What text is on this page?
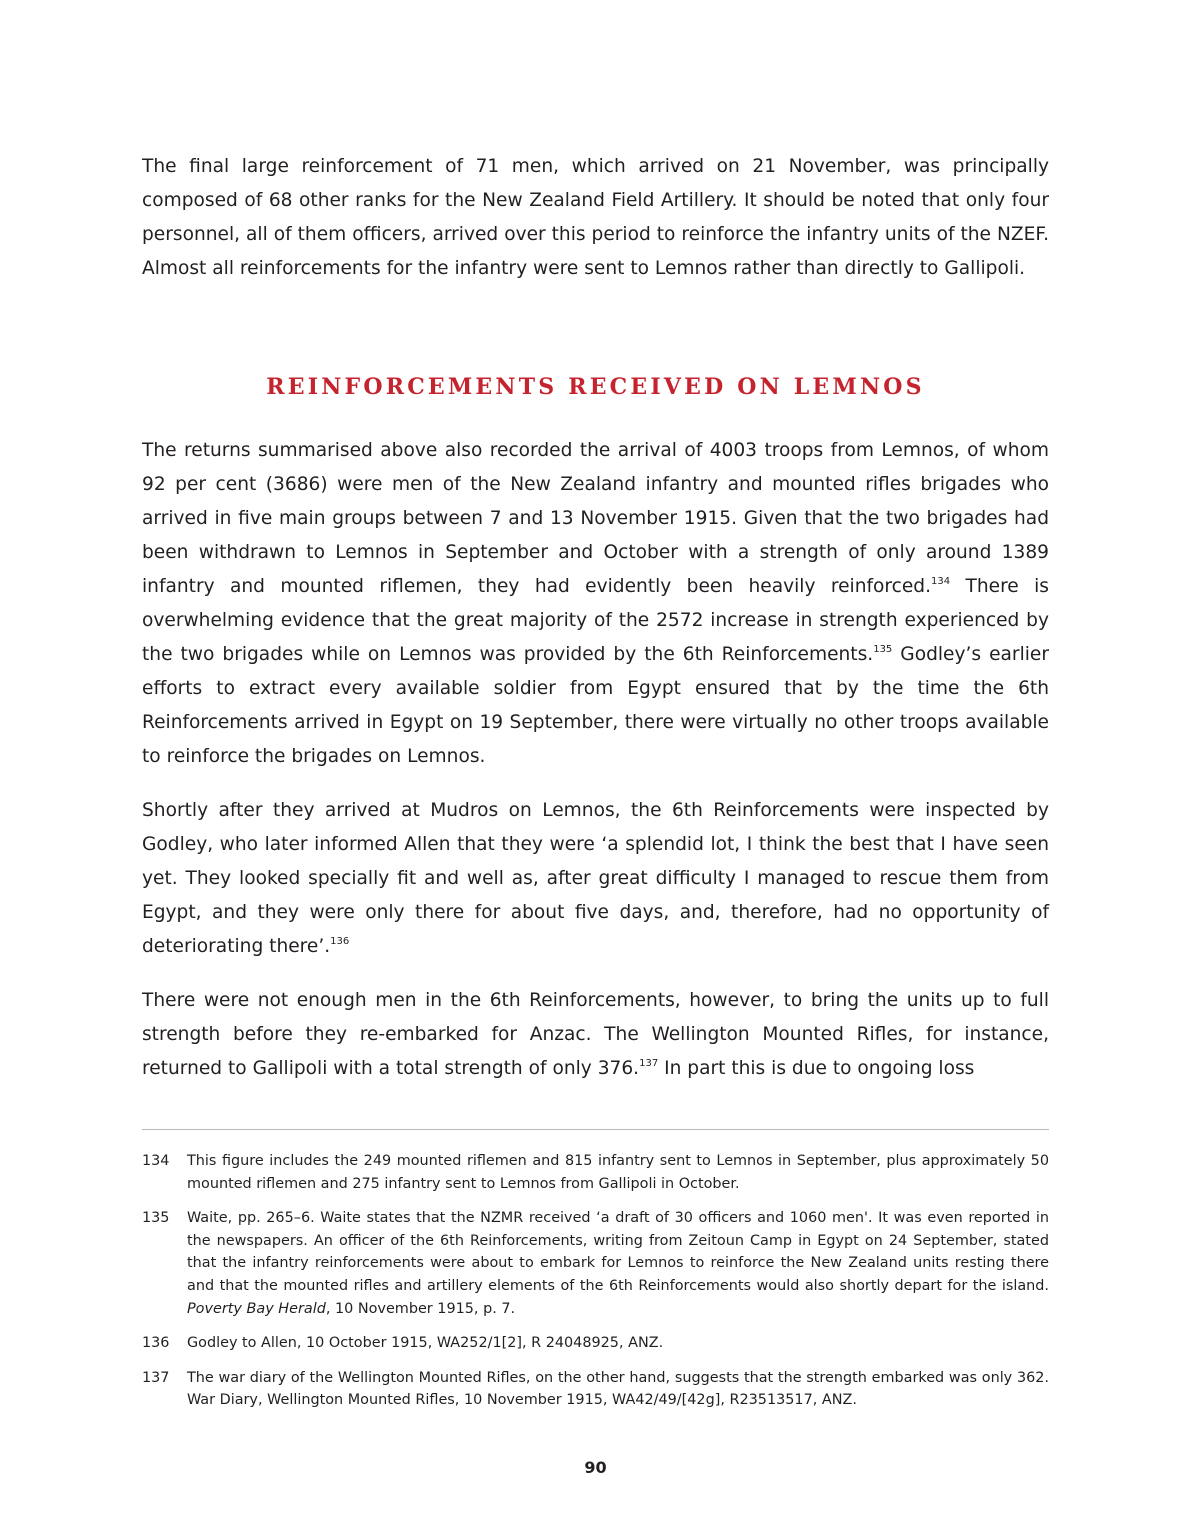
The final large reinforcement of 71 men, which arrived on 21 November, was principally composed of 68 other ranks for the New Zealand Field Artillery. It should be noted that only four personnel, all of them officers, arrived over this period to reinforce the infantry units of the NZEF. Almost all reinforcements for the infantry were sent to Lemnos rather than directly to Gallipoli.

REINFORCEMENTS RECEIVED ON LEMNOS

The returns summarised above also recorded the arrival of 4003 troops from Lemnos, of whom 92 per cent (3686) were men of the New Zealand infantry and mounted rifles brigades who arrived in five main groups between 7 and 13 November 1915. Given that the two brigades had been withdrawn to Lemnos in September and October with a strength of only around 1389 infantry and mounted riflemen, they had evidently been heavily reinforced.$^{134}$ There is overwhelming evidence that the great majority of the 2572 increase in strength experienced by the two brigades while on Lemnos was provided by the 6th Reinforcements.$^{135}$ Godley’s earlier efforts to extract every available soldier from Egypt ensured that by the time the 6th Reinforcements arrived in Egypt on 19 September, there were virtually no other troops available to reinforce the brigades on Lemnos.

Shortly after they arrived at Mudros on Lemnos, the 6th Reinforcements were inspected by Godley, who later informed Allen that they were ‘a splendid lot, I think the best that I have seen yet. They looked specially fit and well as, after great difficulty I managed to rescue them from Egypt, and they were only there for about five days, and, therefore, had no opportunity of deteriorating there’.$^{136}$

There were not enough men in the 6th Reinforcements, however, to bring the units up to full strength before they re-embarked for Anzac. The Wellington Mounted Rifles, for instance, returned to Gallipoli with a total strength of only 376.$^{137}$ In part this is due to ongoing loss

134	This figure includes the 249 mounted riflemen and 815 infantry sent to Lemnos in September, plus approximately 50 mounted riflemen and 275 infantry sent to Lemnos from Gallipoli in October.
135	Waite, pp. 265–6. Waite states that the NZMR received ‘a draft of 30 officers and 1060 men'. It was even reported in the newspapers. An officer of the 6th Reinforcements, writing from Zeitoun Camp in Egypt on 24 September, stated that the infantry reinforcements were about to embark for Lemnos to reinforce the New Zealand units resting there and that the mounted rifles and artillery elements of the 6th Reinforcements would also shortly depart for the island. Poverty Bay Herald, 10 November 1915, p. 7.
136	Godley to Allen, 10 October 1915, WA252/1[2], R 24048925, ANZ.
137	The war diary of the Wellington Mounted Rifles, on the other hand, suggests that the strength embarked was only 362. War Diary, Wellington Mounted Rifles, 10 November 1915, WA42/49/[42g], R23513517, ANZ.
90
